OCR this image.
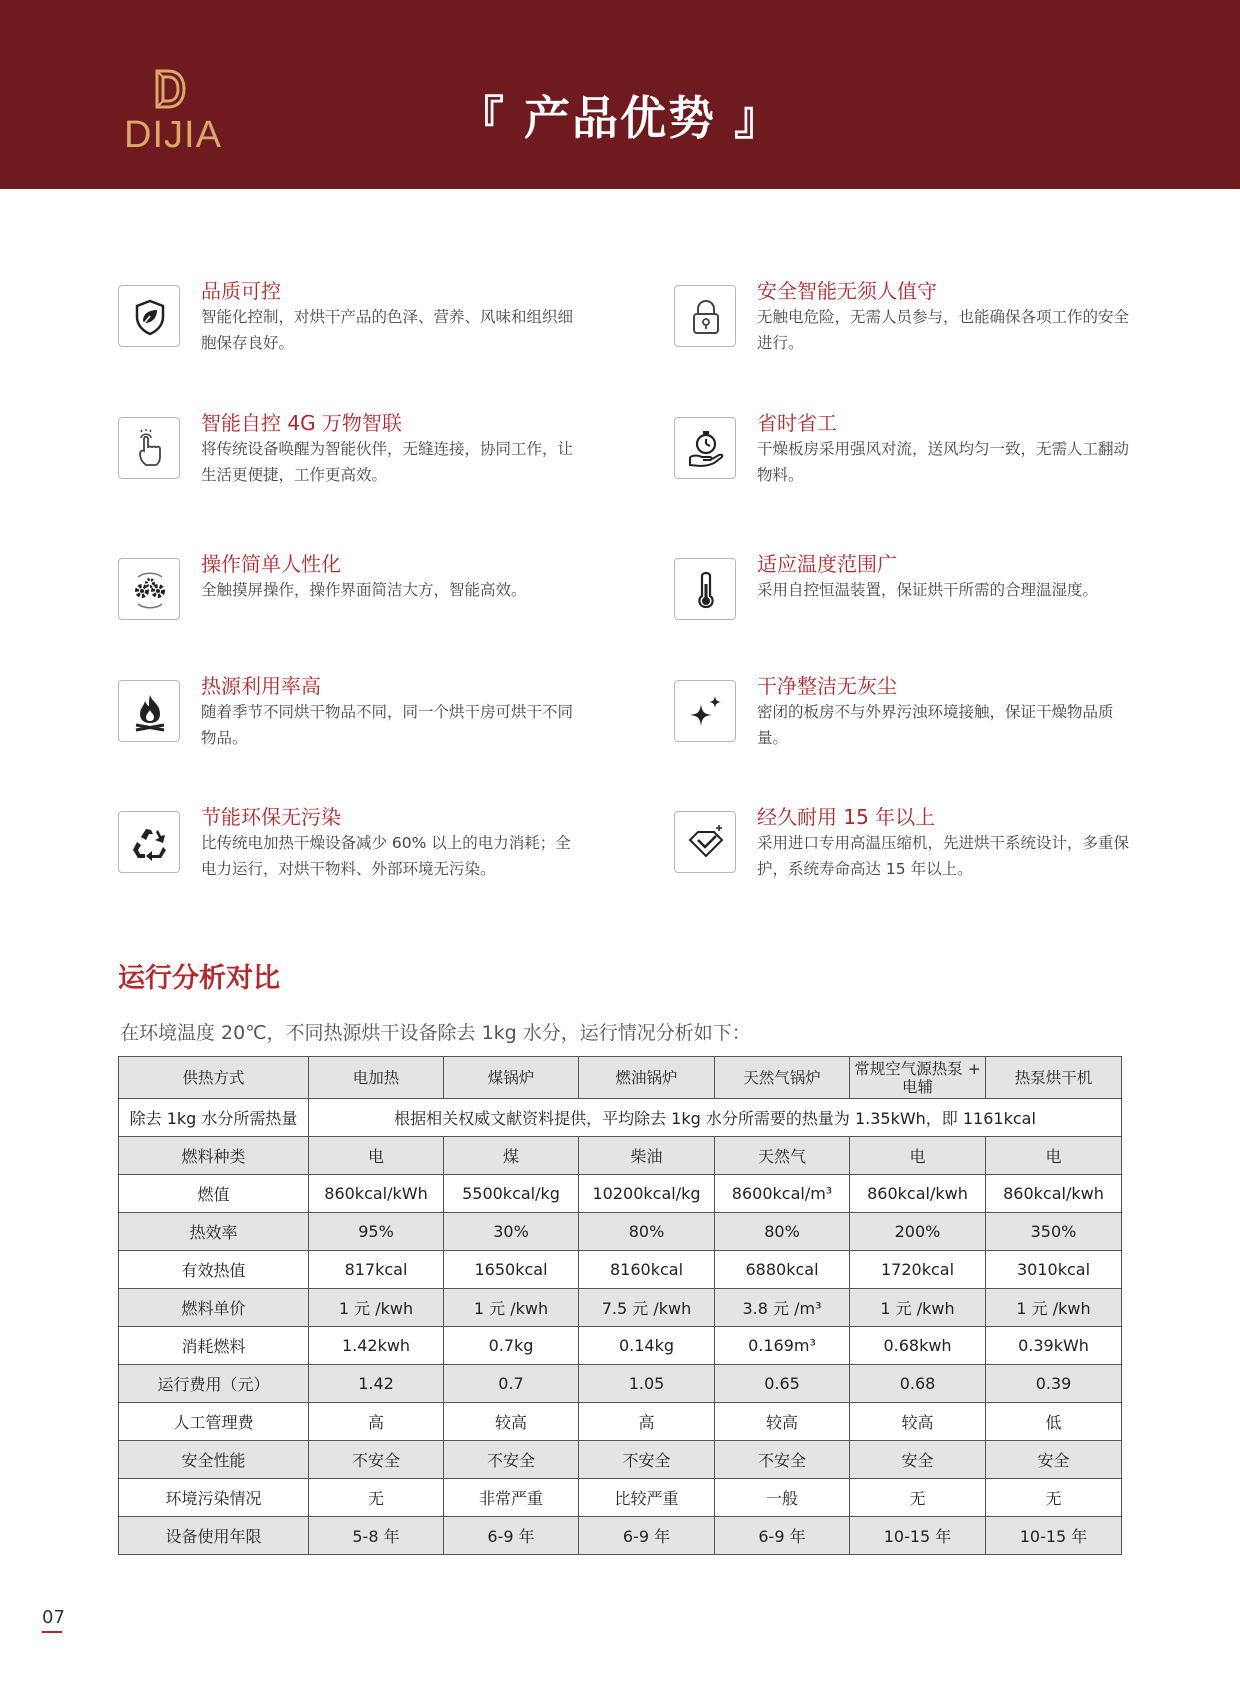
DIJIA	『 产品优势 』
品质可控
智能化控制，对烘干产品的色泽、营养、风味和组织细胞保存良好。
安全智能无须人值守
无触电危险，无需人员参与，也能确保各项工作的安全进行。
智能自控 4G 万物智联
将传统设备唤醒为智能伙伴，无缝连接，协同工作，让生活更便捷，工作更高效。
省时省工
干燥板房采用强风对流，送风均匀一致，无需人工翻动物料。
操作简单人性化
全触摸屏操作，操作界面简洁大方，智能高效。
适应温度范围广
采用自控恒温装置，保证烘干所需的合理温湿度。
热源利用率高
随着季节不同烘干物品不同，同一个烘干房可烘干不同物品。
干净整洁无灰尘
密闭的板房不与外界污浊环境接触，保证干燥物品质量。
节能环保无污染
比传统电加热干燥设备减少 60% 以上的电力消耗；全电力运行，对烘干物料、外部环境无污染。
经久耐用 15 年以上
采用进口专用高温压缩机，先进烘干系统设计，多重保护，系统寿命高达 15 年以上。
运行分析对比
在环境温度 20℃，不同热源烘干设备除去 1kg 水分，运行情况分析如下：
供热方式	电加热	煤锅炉	燃油锅炉	天然气锅炉	常规空气源热泵 + 电辅	热泵烘干机
除去 1kg 水分所需热量	根据相关权威文献资料提供，平均除去 1kg 水分所需要的热量为 1.35kWh，即 1161kcal					
燃料种类	电	煤	柴油	天然气	电	电
燃值	860kcal/kWh	5500kcal/kg	10200kcal/kg	8600kcal/m³	860kcal/kwh	860kcal/kwh
热效率	95%	30%	80%	80%	200%	350%
有效热值	817kcal	1650kcal	8160kcal	6880kcal	1720kcal	3010kcal
燃料单价	1 元 /kwh	1 元 /kwh	7.5 元 /kwh	3.8 元 /m³	1 元 /kwh	1 元 /kwh
消耗燃料	1.42kwh	0.7kg	0.14kg	0.169m³	0.68kwh	0.39kWh
运行费用（元）	1.42	0.7	1.05	0.65	0.68	0.39
人工管理费	高	较高	高	较高	较高	低
安全性能	不安全	不安全	不安全	不安全	安全	安全
环境污染情况	无	非常严重	比较严重	一般	无	无
设备使用年限	5-8 年	6-9 年	6-9 年	6-9 年	10-15 年	10-15 年
07
